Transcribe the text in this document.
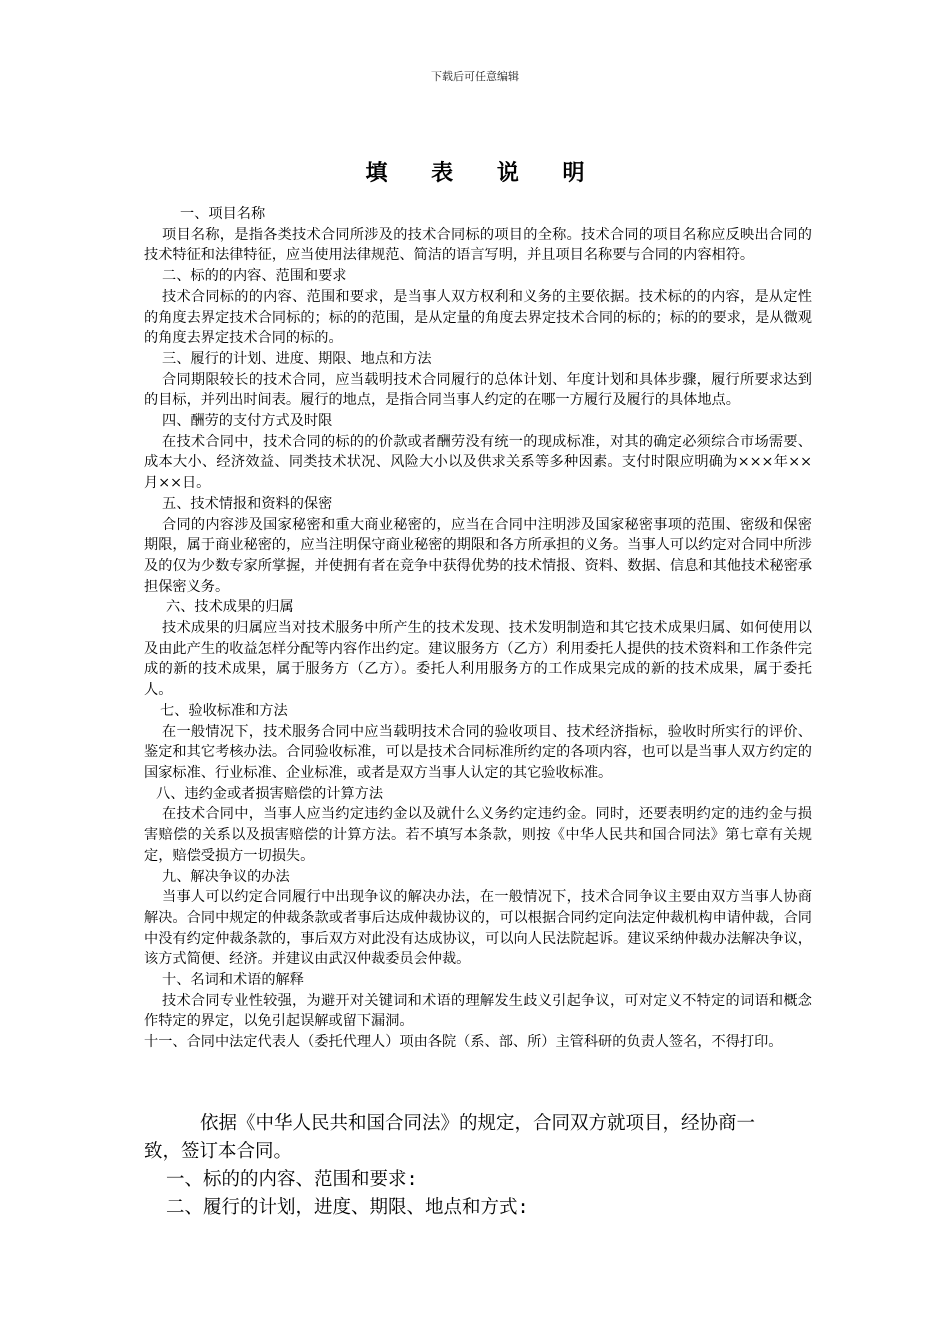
下载后可任意编辑
填 表 说 明

一、项目名称

项目名称，是指各类技术合同所涉及的技术合同标的项目的全称。技术合同的项目名称应反映出合同的技术特征和法律特征，应当使用法律规范、简洁的语言写明，并且项目名称要与合同的内容相符。

二、标的的内容、范围和要求

技术合同标的的内容、范围和要求，是当事人双方权利和义务的主要依据。技术标的的内容，是从定性的角度去界定技术合同标的；标的的范围，是从定量的角度去界定技术合同的标的；标的的要求，是从微观的角度去界定技术合同的标的。

三、履行的计划、进度、期限、地点和方法

合同期限较长的技术合同，应当载明技术合同履行的总体计划、年度计划和具体步骤，履行所要求达到的目标，并列出时间表。履行的地点，是指合同当事人约定的在哪一方履行及履行的具体地点。

四、酬劳的支付方式及时限

在技术合同中，技术合同的标的的价款或者酬劳没有统一的现成标准，对其的确定必须综合市场需要、成本大小、经济效益、同类技术状况、风险大小以及供求关系等多种因素。支付时限应明确为×××年××月××日。

五、技术情报和资料的保密

合同的内容涉及国家秘密和重大商业秘密的，应当在合同中注明涉及国家秘密事项的范围、密级和保密期限，属于商业秘密的，应当注明保守商业秘密的期限和各方所承担的义务。当事人可以约定对合同中所涉及的仅为少数专家所掌握，并使拥有者在竞争中获得优势的技术情报、资料、数据、信息和其他技术秘密承担保密义务。

六、技术成果的归属

技术成果的归属应当对技术服务中所产生的技术发现、技术发明制造和其它技术成果归属、如何使用以及由此产生的收益怎样分配等内容作出约定。建议服务方（乙方）利用委托人提供的技术资料和工作条件完成的新的技术成果，属于服务方（乙方）。委托人利用服务方的工作成果完成的新的技术成果，属于委托人。

七、验收标准和方法

在一般情况下，技术服务合同中应当载明技术合同的验收项目、技术经济指标，验收时所实行的评价、鉴定和其它考核办法。合同验收标准，可以是技术合同标准所约定的各项内容，也可以是当事人双方约定的国家标准、行业标准、企业标准，或者是双方当事人认定的其它验收标准。

八、违约金或者损害赔偿的计算方法

在技术合同中，当事人应当约定违约金以及就什么义务约定违约金。同时，还要表明约定的违约金与损害赔偿的关系以及损害赔偿的计算方法。若不填写本条款，则按《中华人民共和国合同法》第七章有关规定，赔偿受损方一切损失。

九、解决争议的办法

当事人可以约定合同履行中出现争议的解决办法，在一般情况下，技术合同争议主要由双方当事人协商解决。合同中规定的仲裁条款或者事后达成仲裁协议的，可以根据合同约定向法定仲裁机构申请仲裁，合同中没有约定仲裁条款的，事后双方对此没有达成协议，可以向人民法院起诉。建议采纳仲裁办法解决争议，该方式简便、经济。并建议由武汉仲裁委员会仲裁。

十、名词和术语的解释

技术合同专业性较强，为避开对关键词和术语的理解发生歧义引起争议，可对定义不特定的词语和概念作特定的界定，以免引起误解或留下漏洞。

十一、合同中法定代表人（委托代理人）项由各院（系、部、所）主管科研的负责人签名，不得打印。

依据《中华人民共和国合同法》的规定，合同双方就项目，经协商一致，签订本合同。

一、标的的内容、范围和要求:

二、履行的计划，进度、期限、地点和方式:
